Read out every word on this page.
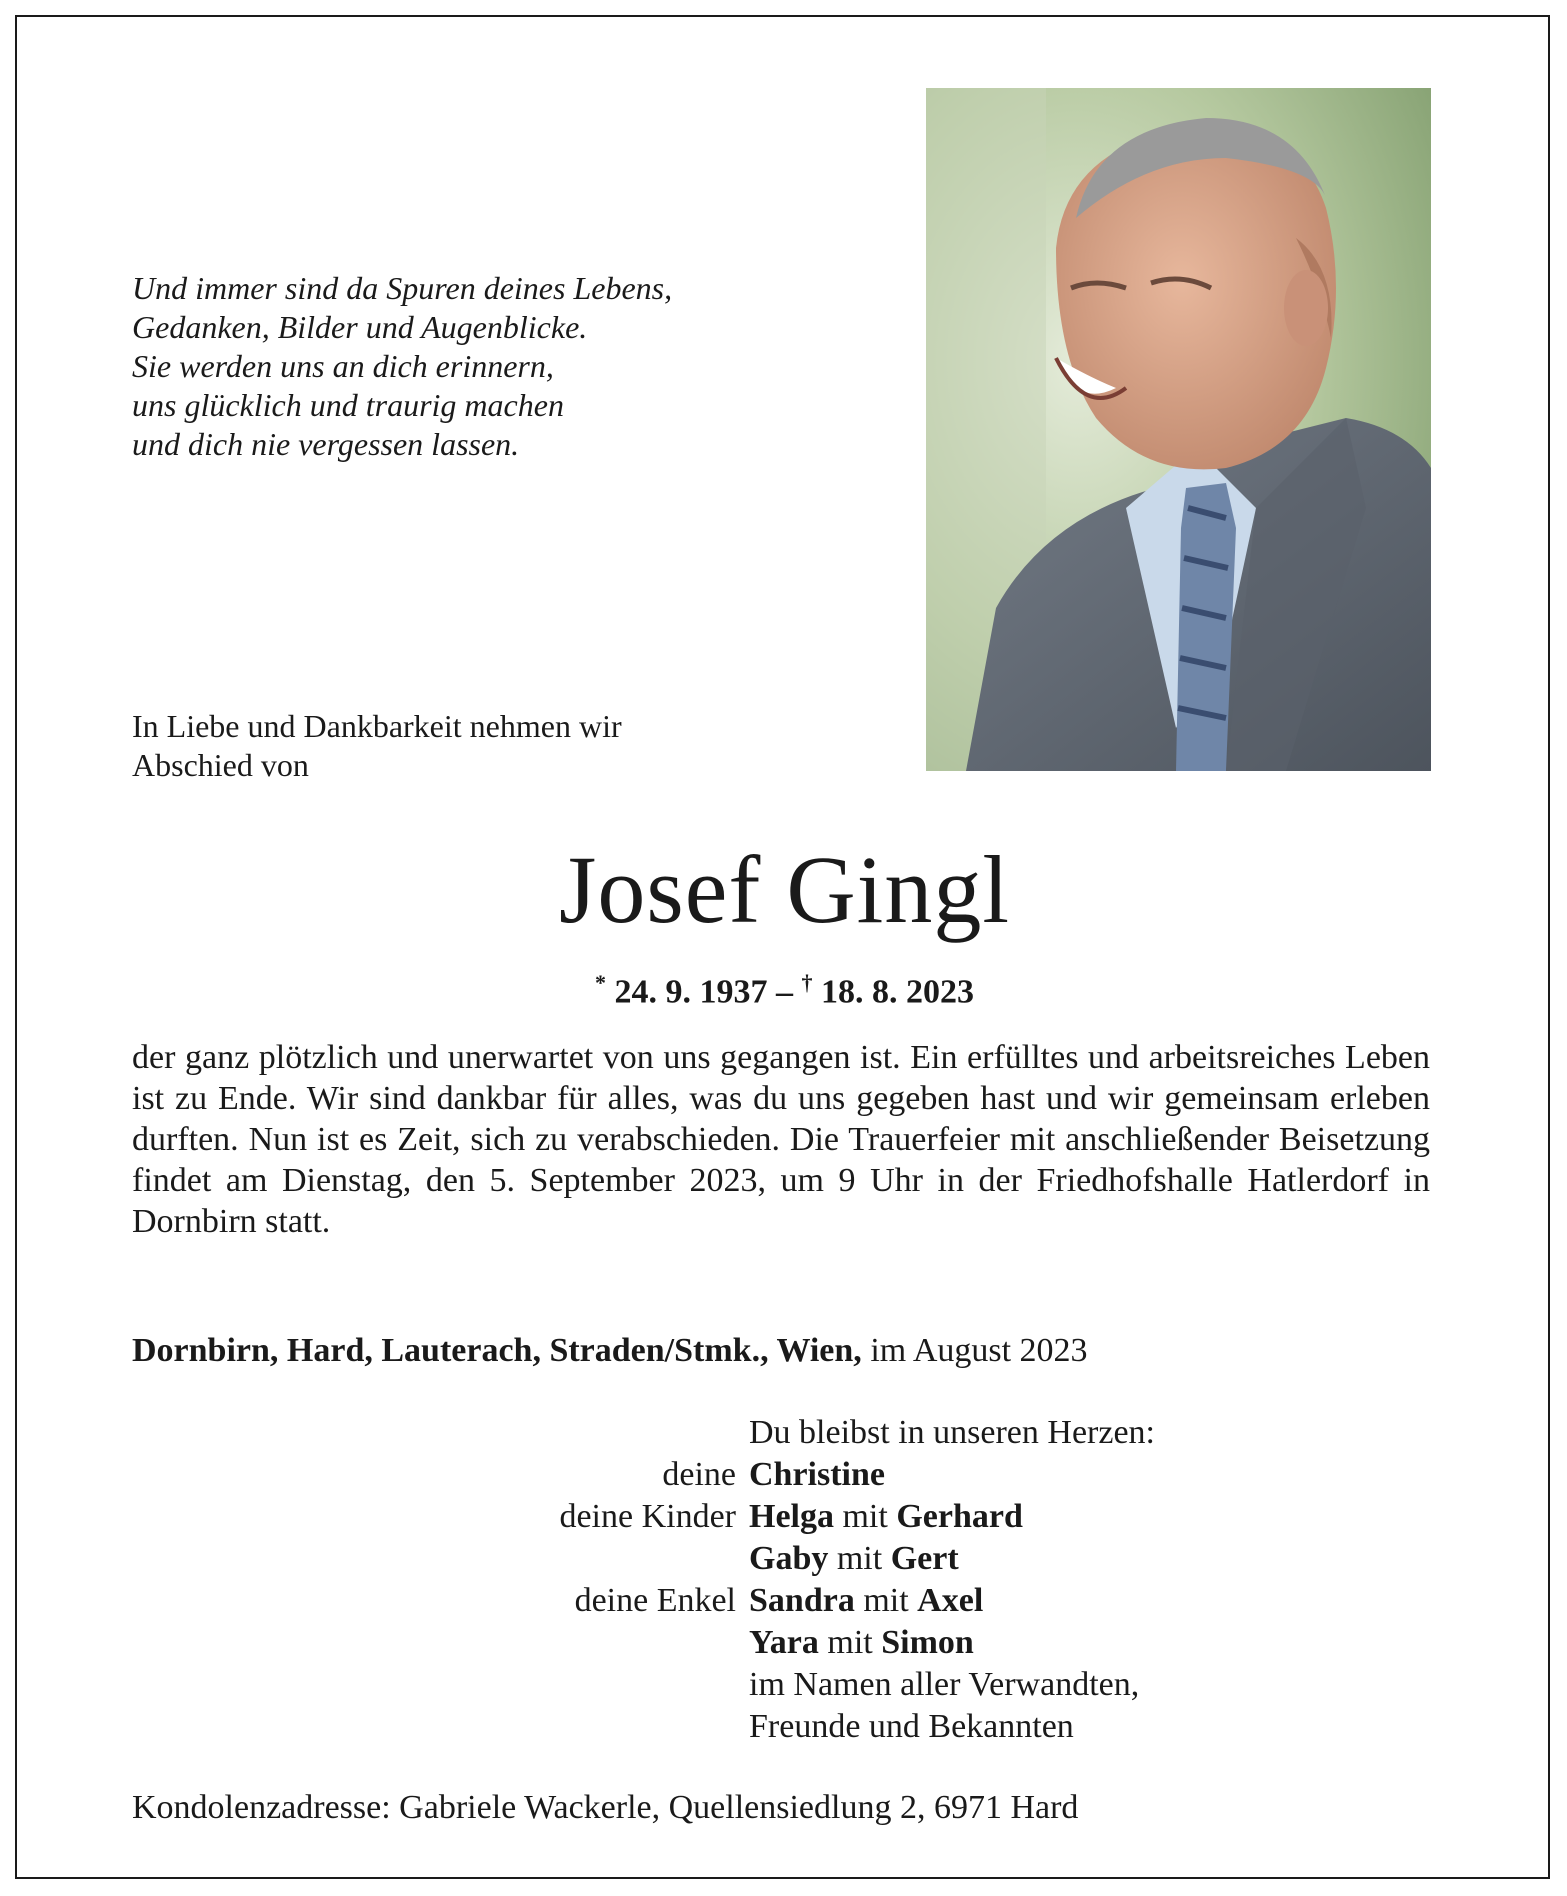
Und immer sind da Spuren deines Lebens,
Gedanken, Bilder und Augenblicke.
Sie werden uns an dich erinnern,
uns glücklich und traurig machen
und dich nie vergessen lassen.
In Liebe und Dankbarkeit nehmen wir
Abschied von
Josef Gingl
* 24. 9. 1937 – † 18. 8. 2023
der ganz plötzlich und unerwartet von uns gegangen ist. Ein erfülltes und arbeitsreiches Leben ist zu Ende. Wir sind dankbar für alles, was du uns gegeben hast und wir gemeinsam erleben durften. Nun ist es Zeit, sich zu verabschieden. Die Trauerfeier mit anschließender Beisetzung findet am Dienstag, den 5. September 2023, um 9 Uhr in der Friedhofshalle Hatlerdorf in Dornbirn statt.
Dornbirn, Hard, Lauterach, Straden/Stmk., Wien, im August 2023
Du bleibst in unseren Herzen:
deine Christine
deine Kinder Helga mit Gerhard
Gaby mit Gert
deine Enkel Sandra mit Axel
Yara mit Simon
im Namen aller Verwandten,
Freunde und Bekannten
Kondolenzadresse: Gabriele Wackerle, Quellensiedlung 2, 6971 Hard
